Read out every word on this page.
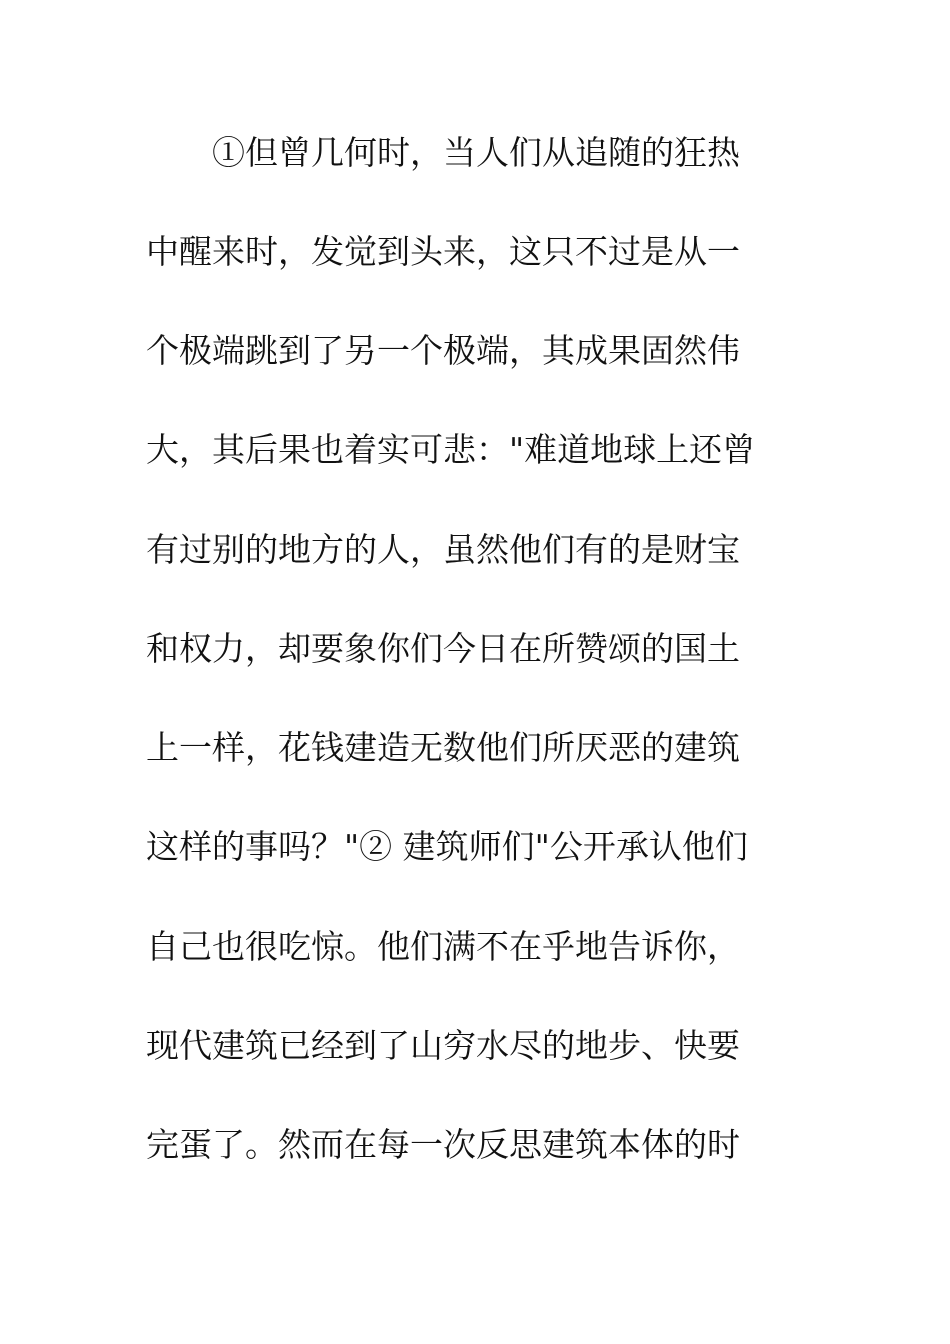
①但曾几何时，当人们从追随的狂热
中醒来时，发觉到头来，这只不过是从一
个极端跳到了另一个极端，其成果固然伟
大，其后果也着实可悲："难道地球上还曾
有过别的地方的人，虽然他们有的是财宝
和权力，却要象你们今日在所赞颂的国土
上一样，花钱建造无数他们所厌恶的建筑
这样的事吗？"② 建筑师们"公开承认他们
自己也很吃惊。他们满不在乎地告诉你，
现代建筑已经到了山穷水尽的地步、快要
完蛋了。然而在每一次反思建筑本体的时
